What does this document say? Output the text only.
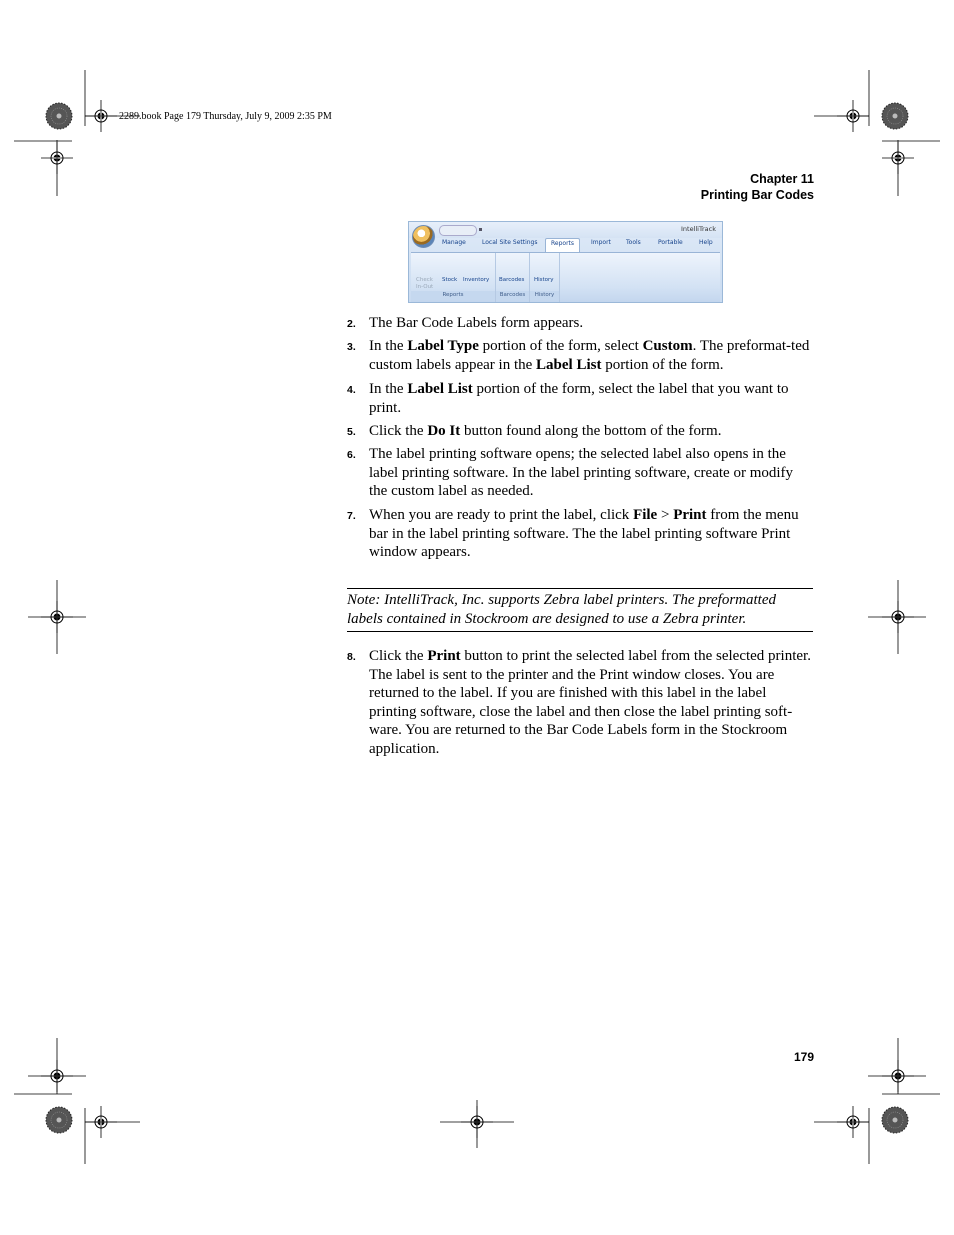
2289.book Page 179 Thursday, July 9, 2009 2:35 PM
Chapter 11
Printing Bar Codes
IntelliTrack
Manage	Local Site Settings	Reports	Import	Tools	Portable	Help
Check
In-Out
Stock Inventory
Reports
Barcodes
Barcodes
History
History
2. The Bar Code Labels form appears.
3. In the Label Type portion of the form, select Custom. The preformat-ted custom labels appear in the Label List portion of the form.
4. In the Label List portion of the form, select the label that you want to print.
5. Click the Do It button found along the bottom of the form.
6. The label printing software opens; the selected label also opens in the label printing software. In the label printing software, create or modify the custom label as needed.
7. When you are ready to print the label, click File > Print from the menu bar in the label printing software. The the label printing software Print window appears.
Note: IntelliTrack, Inc. supports Zebra label printers. The preformatted labels contained in Stockroom are designed to use a Zebra printer.
8. Click the Print button to print the selected label from the selected printer. The label is sent to the printer and the Print window closes. You are returned to the label. If you are finished with this label in the label printing software, close the label and then close the label printing soft-ware. You are returned to the Bar Code Labels form in the Stockroom application.
179
